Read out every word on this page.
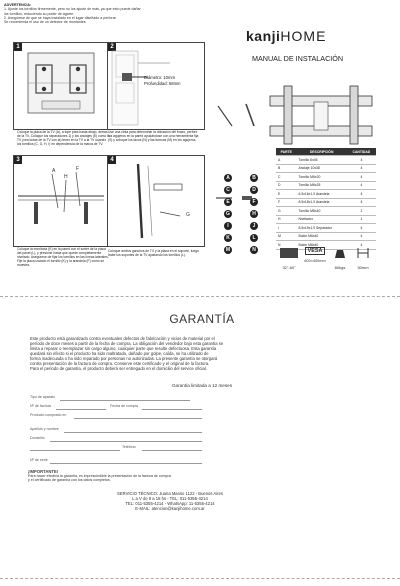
ADVERTENCIA:
1. Ajuste los tornillos firmemente, pero no los ajuste de más, ya que esto puede dañar
los tornillos, reduciendo su poder de agarre.
2. Asegúrese de que se haya instalado en el lugar diseñado a perforar.
Se recomienda el uso de un detector de montantes.
kanjiHOME
MANUAL DE INSTALACIÓN
1
Coloque la placa de la TV (A), a tope para hasta abajo, detrás de la TV. Coloque los separadores 1) y los anclajes (E) como la TV (vea todas de la TV con la) tener en la TV a la TV usando los tornillos (C, G, H, I) en dependencia de la marca de TV.
2
Diámetro: 10mm
Profundidad: 58mm
Use una cinta para determinar la ubicación del brazo, perfore los agujeros en la pared ayudándose con una herramienta fija (S) y coloque los tacos (N) y las tuercas (M) en los agujeros.
3
A
H
F
Coloque la monitoria (K) en la pared con el sorter de la placa del panel (L), y presione hasta que quede completamente nivelado. Asegúrese de fijar los tornillos en las líneas laterales. Fije la placa usando el tornillo (K) y la arandela (F) como se muestra.
4
G
Coloque ambos ganchos de TV y la placa en el soporte, luego trabe los soportes de la TV ajustando los tornillos (L).
A	B
C	D
E	F
G	H
I	J
K	L
M	N
PARTE	DESCRIPCIÓN	CANTIDAD
A	Tornillo 6x45	4
B	Anclaje 10x38	4
C	Tornillo M6x20	4
D	Tornillo M6x25	4
E	6.5x16x1.0 Arandela	4
F	8.5x18x1.0 Arandela	4
G	Tornillo M8x40	2
H	Nivelador	1
I	8.5x19x1.0 Separador	4
M	Bulón M6x40	4
N	Bulón M8x40	4
32"-60"
VESA
600×400mm
80kgs	50mm
GARANTÍA
Este producto está garantizado contra eventuales defectos de fabricación y vicios de material por el
período de doce meses a partir de la fecha de compra. La obligación del vendedor bajo esta garantía se
limita a reparar o reemplazar sin cargo alguno, cualquier parte que resulte defectuosa. Esta garantía
quedará sin efecto si el producto ha sido maltratado, dañado por golpe, caída, se ha utilizado de
forma inadecuada o ha sido reparado por personas no autorizadas. La presente garantía se otorgará
contra presentación de la factura de compra. Conserve este certificado y el original de la factura.
Para el periodo de garantía, el producto deberá ser entregado en el domicilio del service oficial.
Garantía limitada a 12 meses
Tipo de aparato
Nº de factura	Fecha de compra
Producto comprado en
Apellido y nombre
Domicilio
Teléfono
Nº de serie
¡IMPORTANTE!
Para hacer efectiva la garantía, es imprescindible la presentación de la factura de compra
y el certificado de garantía con los datos completos.
SERVICIO TÉCNICO: Juana Manso 1122 - Buenos Aires
L a V de 9 a 18 hs - TEL: 011-5355-4214
TEL: 011-5355-4214 - WhatsApp: 11-5355-4214
E-MAIL: atencion@kanjihome.com.ar
